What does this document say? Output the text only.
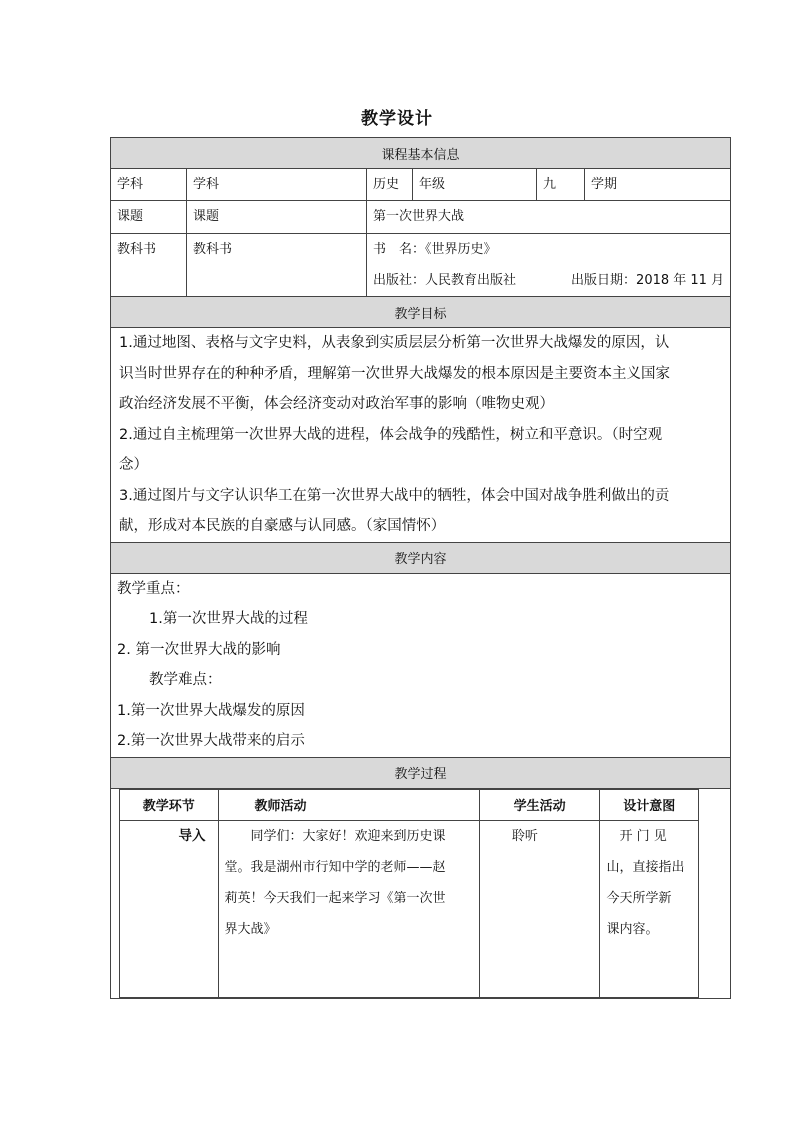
教学设计
课程基本信息
学科	学科	历史	年级	九	学期
课题	课题	第一次世界大战
教科书	教科书	书　名：《世界历史》
出版社：人民教育出版社	出版日期：2018 年 11 月

教学目标

1.通过地图、表格与文字史料，从表象到实质层层分析第一次世界大战爆发的原因，认
识当时世界存在的种种矛盾，理解第一次世界大战爆发的根本原因是主要资本主义国家
政治经济发展不平衡，体会经济变动对政治军事的影响（唯物史观）
2.通过自主梳理第一次世界大战的进程，体会战争的残酷性，树立和平意识。（时空观
念）
3.通过图片与文字认识华工在第一次世界大战中的牺牲，体会中国对战争胜利做出的贡
献，形成对本民族的自豪感与认同感。（家国情怀）

教学内容

教学重点：
1.第一次世界大战的过程
2. 第一次世界大战的影响
教学难点：
1.第一次世界大战爆发的原因
2.第一次世界大战带来的启示

教学过程

教学环节	教师活动	学生活动	设计意图
导入	　　同学们：大家好！欢迎来到历史课
堂。我是湖州市行知中学的老师——赵
莉英！今天我们一起来学习《第一次世
界大战》
	聆听	　开 门 见
山，直接指出
今天所学新
课内容。
